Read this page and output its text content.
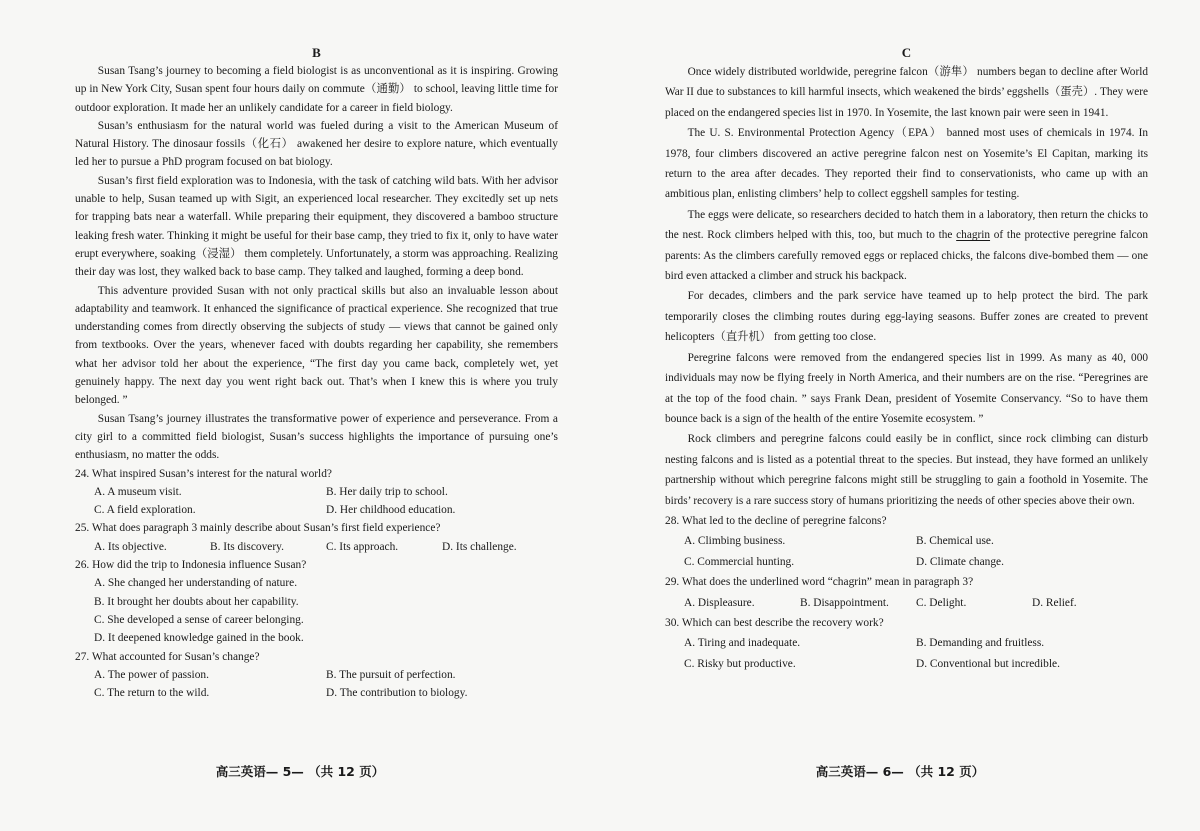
B

Susan Tsang’s journey to becoming a field biologist is as unconventional as it is inspiring. Growing up in New York City, Susan spent four hours daily on commute（通勤） to school, leaving little time for outdoor exploration. It made her an unlikely candidate for a career in field biology.

Susan’s enthusiasm for the natural world was fueled during a visit to the American Museum of Natural History. The dinosaur fossils（化石） awakened her desire to explore nature, which eventually led her to pursue a PhD program focused on bat biology.

Susan’s first field exploration was to Indonesia, with the task of catching wild bats. With her advisor unable to help, Susan teamed up with Sigit, an experienced local researcher. They excitedly set up nets for trapping bats near a waterfall. While preparing their equipment, they discovered a bamboo structure leaking fresh water. Thinking it might be useful for their base camp, they tried to fix it, only to have water erupt everywhere, soaking（浸湿） them completely. Unfortunately, a storm was approaching. Realizing their day was lost, they walked back to base camp. They talked and laughed, forming a deep bond.

This adventure provided Susan with not only practical skills but also an invaluable lesson about adaptability and teamwork. It enhanced the significance of practical experience. She recognized that true understanding comes from directly observing the subjects of study — views that cannot be gained only from textbooks. Over the years, whenever faced with doubts regarding her capability, she remembers what her advisor told her about the experience, “The first day you came back, completely wet, yet genuinely happy. The next day you went right back out. That’s when I knew this is where you truly belonged. ”

Susan Tsang’s journey illustrates the transformative power of experience and perseverance. From a city girl to a committed field biologist, Susan’s success highlights the importance of pursuing one’s enthusiasm, no matter the odds.

24. What inspired Susan’s interest for the natural world?

A. A museum visit.	B. Her daily trip to school.
C. A field exploration.	D. Her childhood education.

25. What does paragraph 3 mainly describe about Susan’s first field experience?

A. Its objective.	B. Its discovery.	C. Its approach.	D. Its challenge.

26. How did the trip to Indonesia influence Susan?

A. She changed her understanding of nature.
B. It brought her doubts about her capability.
C. She developed a sense of career belonging.
D. It deepened knowledge gained in the book.

27. What accounted for Susan’s change?

A. The power of passion.	B. The pursuit of perfection.
C. The return to the wild.	D. The contribution to biology.
高三英语— 5— （共 12 页）
C

Once widely distributed worldwide, peregrine falcon（游隼） numbers began to decline after World War II due to substances to kill harmful insects, which weakened the birds’ eggshells（蛋壳）. They were placed on the endangered species list in 1970. In Yosemite, the last known pair were seen in 1941.

The U. S. Environmental Protection Agency（EPA） banned most uses of chemicals in 1974. In 1978, four climbers discovered an active peregrine falcon nest on Yosemite’s El Capitan, marking its return to the area after decades. They reported their find to conservationists, who came up with an ambitious plan, enlisting climbers’ help to collect eggshell samples for testing.

The eggs were delicate, so researchers decided to hatch them in a laboratory, then return the chicks to the nest. Rock climbers helped with this, too, but much to the chagrin of the protective peregrine falcon parents: As the climbers carefully removed eggs or replaced chicks, the falcons dive-bombed them — one bird even attacked a climber and struck his backpack.

For decades, climbers and the park service have teamed up to help protect the bird. The park temporarily closes the climbing routes during egg-laying seasons. Buffer zones are created to prevent helicopters（直升机） from getting too close.

Peregrine falcons were removed from the endangered species list in 1999. As many as 40, 000 individuals may now be flying freely in North America, and their numbers are on the rise. “Peregrines are at the top of the food chain. ” says Frank Dean, president of Yosemite Conservancy. “So to have them bounce back is a sign of the health of the entire Yosemite ecosystem. ”

Rock climbers and peregrine falcons could easily be in conflict, since rock climbing can disturb nesting falcons and is listed as a potential threat to the species. But instead, they have formed an unlikely partnership without which peregrine falcons might still be struggling to gain a foothold in Yosemite. The birds’ recovery is a rare success story of humans prioritizing the needs of other species above their own.

28. What led to the decline of peregrine falcons?

A. Climbing business.	B. Chemical use.
C. Commercial hunting.	D. Climate change.

29. What does the underlined word “chagrin” mean in paragraph 3?

A. Displeasure.	B. Disappointment.	C. Delight.	D. Relief.

30. Which can best describe the recovery work?

A. Tiring and inadequate.	B. Demanding and fruitless.
C. Risky but productive.	D. Conventional but incredible.
高三英语— 6— （共 12 页）
